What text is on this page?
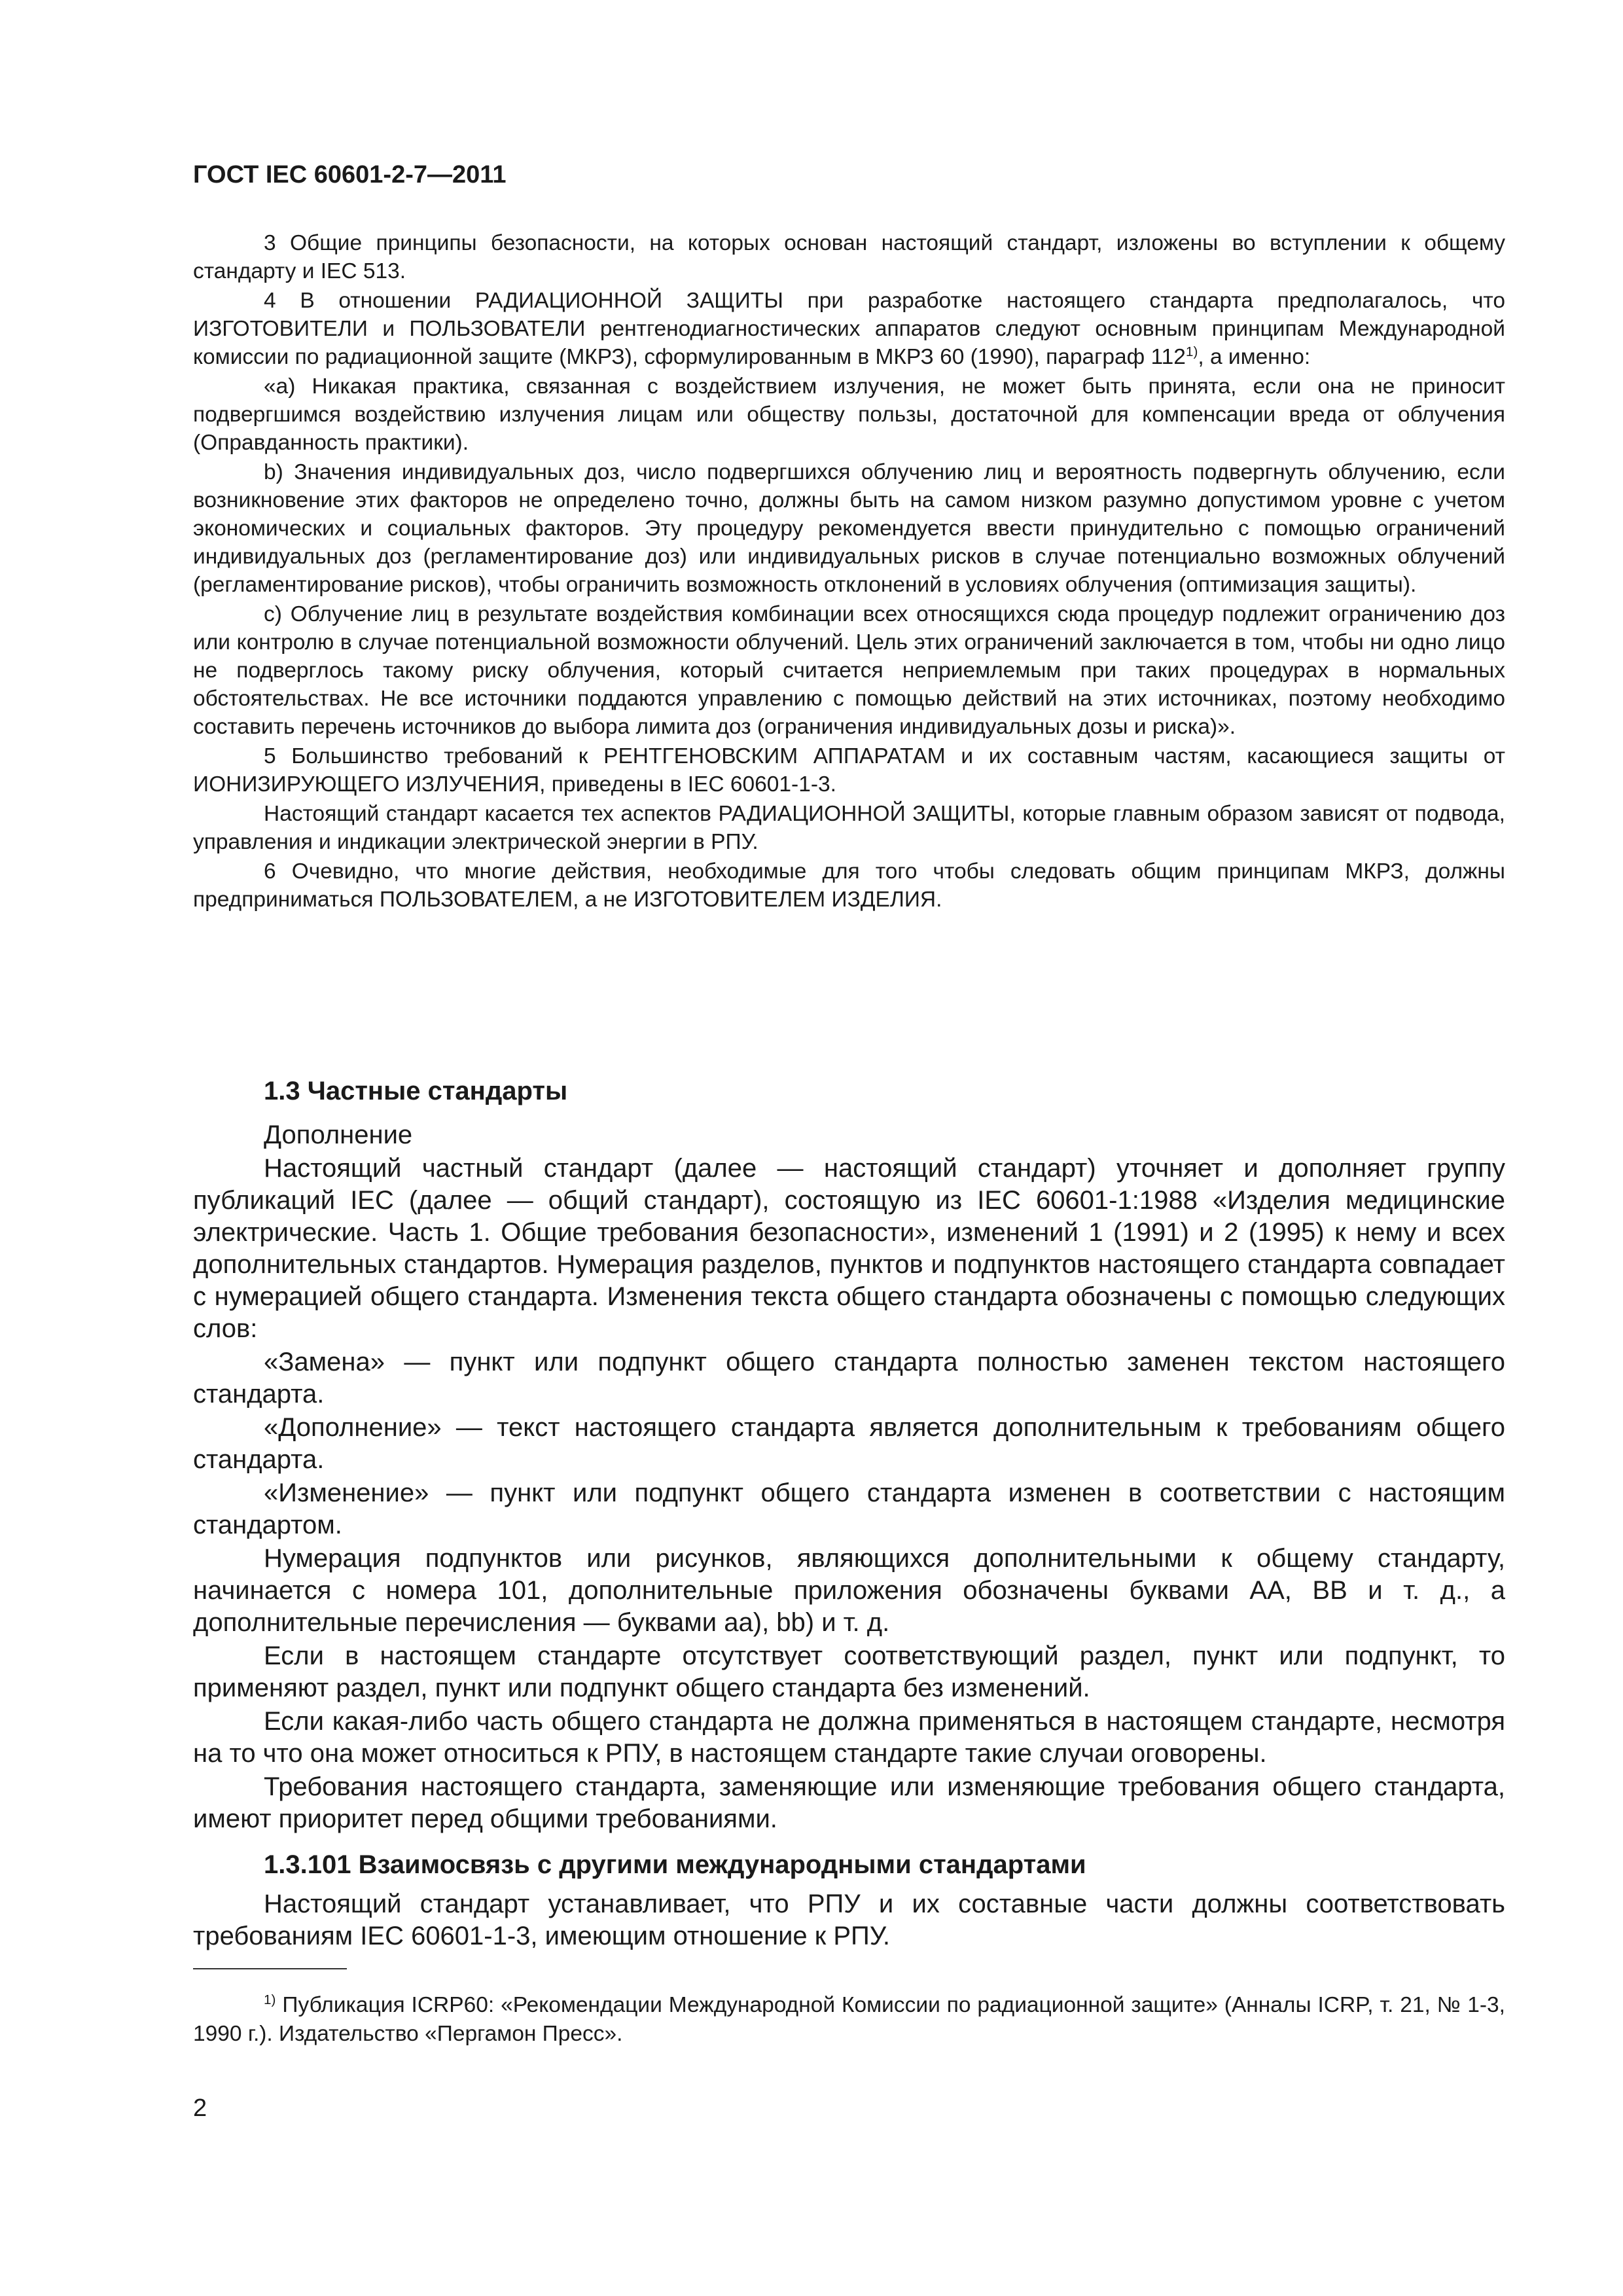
ГОСТ IEC 60601-2-7—2011

3 Общие принципы безопасности, на которых основан настоящий стандарт, изложены во вступлении к общему стандарту и IEC 513.

4 В отношении РАДИАЦИОННОЙ ЗАЩИТЫ при разработке настоящего стандарта предполагалось, что ИЗГОТОВИТЕЛИ и ПОЛЬЗОВАТЕЛИ рентгенодиагностических аппаратов следуют основным принципам Международной комиссии по радиационной защите (МКРЗ), сформулированным в МКРЗ 60 (1990), параграф 112$^{1)}$, а именно:

«а) Никакая практика, связанная с воздействием излучения, не может быть принята, если она не приносит подвергшимся воздействию излучения лицам или обществу пользы, достаточной для компенсации вреда от облучения (Оправданность практики).

b) Значения индивидуальных доз, число подвергшихся облучению лиц и вероятность подвергнуть облучению, если возникновение этих факторов не определено точно, должны быть на самом низком разумно допустимом уровне с учетом экономических и социальных факторов. Эту процедуру рекомендуется ввести принудительно с помощью ограничений индивидуальных доз (регламентирование доз) или индивидуальных рисков в случае потенциально возможных облучений (регламентирование рисков), чтобы ограничить возможность отклонений в условиях облучения (оптимизация защиты).

с) Облучение лиц в результате воздействия комбинации всех относящихся сюда процедур подлежит ограничению доз или контролю в случае потенциальной возможности облучений. Цель этих ограничений заключается в том, чтобы ни одно лицо не подверглось такому риску облучения, который считается неприемлемым при таких процедурах в нормальных обстоятельствах. Не все источники поддаются управлению с помощью действий на этих источниках, поэтому необходимо составить перечень источников до выбора лимита доз (ограничения индивидуальных дозы и риска)».

5 Большинство требований к РЕНТГЕНОВСКИМ АППАРАТАМ и их составным частям, касающиеся защиты от ИОНИЗИРУЮЩЕГО ИЗЛУЧЕНИЯ, приведены в IEC 60601-1-3.

Настоящий стандарт касается тех аспектов РАДИАЦИОННОЙ ЗАЩИТЫ, которые главным образом зависят от подвода, управления и индикации электрической энергии в РПУ.

6 Очевидно, что многие действия, необходимые для того чтобы следовать общим принципам МКРЗ, должны предприниматься ПОЛЬЗОВАТЕЛЕМ, а не ИЗГОТОВИТЕЛЕМ ИЗДЕЛИЯ.

1.3 Частные стандарты

Дополнение

Настоящий частный стандарт (далее — настоящий стандарт) уточняет и дополняет группу публикаций IEC (далее — общий стандарт), состоящую из IEC 60601-1:1988 «Изделия медицинские электрические. Часть 1. Общие требования безопасности», изменений 1 (1991) и 2 (1995) к нему и всех дополнительных стандартов. Нумерация разделов, пунктов и подпунктов настоящего стандарта совпадает с нумерацией общего стандарта. Изменения текста общего стандарта обозначены с помощью следующих слов:

«Замена» — пункт или подпункт общего стандарта полностью заменен текстом настоящего стандарта.

«Дополнение» — текст настоящего стандарта является дополнительным к требованиям общего стандарта.

«Изменение» — пункт или подпункт общего стандарта изменен в соответствии с настоящим стандартом.

Нумерация подпунктов или рисунков, являющихся дополнительными к общему стандарту, начинается с номера 101, дополнительные приложения обозначены буквами АА, ВВ и т. д., а дополнительные перечисления — буквами аа), bb) и т. д.

Если в настоящем стандарте отсутствует соответствующий раздел, пункт или подпункт, то применяют раздел, пункт или подпункт общего стандарта без изменений.

Если какая-либо часть общего стандарта не должна применяться в настоящем стандарте, несмотря на то что она может относиться к РПУ, в настоящем стандарте такие случаи оговорены.

Требования настоящего стандарта, заменяющие или изменяющие требования общего стандарта, имеют приоритет перед общими требованиями.

1.3.101 Взаимосвязь с другими международными стандартами

Настоящий стандарт устанавливает, что РПУ и их составные части должны соответствовать требованиям IEC 60601-1-3, имеющим отношение к РПУ.

$^{1)}$ Публикация ICRP60: «Рекомендации Международной Комиссии по радиационной защите» (Анналы ICRP, т. 21, № 1-3, 1990 г.). Издательство «Пергамон Пресс».

2
